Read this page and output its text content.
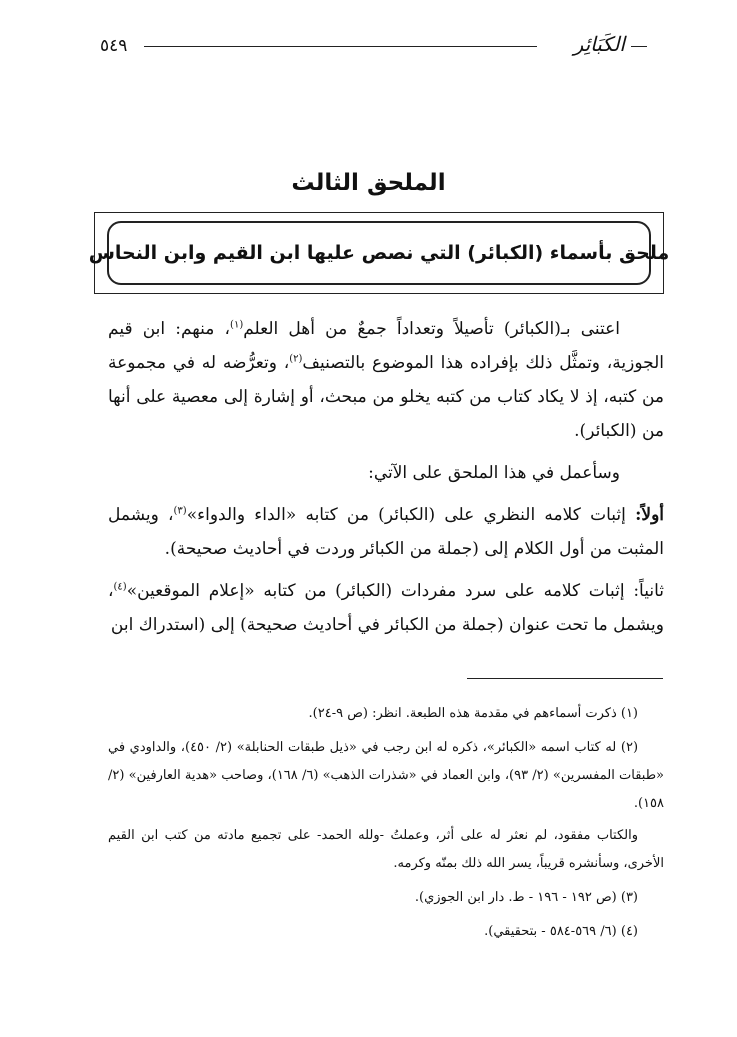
٥٤٩	الكَبَائِر
الملحق الثالث
ملحق بأسماء (الكبائر) التي نصص عليها ابن القيم وابن النحاس

اعتنى بـ(الكبائر) تأصيلاً وتعداداً جمعٌ من أهل العلم$^{(١)}$، منهم: ابن قيم الجوزية، وتمثَّل ذلك بإفراده هذا الموضوع بالتصنيف$^{(٢)}$، وتعرُّضه له في مجموعة من كتبه، إذ لا يكاد كتاب من كتبه يخلو من مبحث، أو إشارة إلى معصية على أنها من (الكبائر).

وسأعمل في هذا الملحق على الآتي:

أولاً: إثبات كلامه النظري على (الكبائر) من كتابه «الداء والدواء»$^{(٣)}$، ويشمل المثبت من أول الكلام إلى (جملة من الكبائر وردت في أحاديث صحيحة).

ثانياً: إثبات كلامه على سرد مفردات (الكبائر) من كتابه «إعلام الموقعين»$^{(٤)}$، ويشمل ما تحت عنوان (جملة من الكبائر في أحاديث صحيحة) إلى (استدراك ابن

(١) ذكرت أسماءهم في مقدمة هذه الطبعة. انظر: (ص ٩-٢٤).

(٢) له كتاب اسمه «الكبائر»، ذكره له ابن رجب في «ذيل طبقات الحنابلة» (٢/ ٤٥٠)، والداودي في «طبقات المفسرين» (٢/ ٩٣)، وابن العماد في «شذرات الذهب» (٦/ ١٦٨)، وصاحب «هدية العارفين» (٢/ ١٥٨).

والكتاب مفقود، لم نعثر له على أثر، وعملتُ -ولله الحمد- على تجميع مادته من كتب ابن القيم الأخرى، وسأنشره قريباً، يسر الله ذلك بمنّه وكرمه.

(٣) (ص ١٩٢ - ١٩٦ - ط. دار ابن الجوزي).

(٤) (٦/ ٥٦٩-٥٨٤ - بتحقيقي).
